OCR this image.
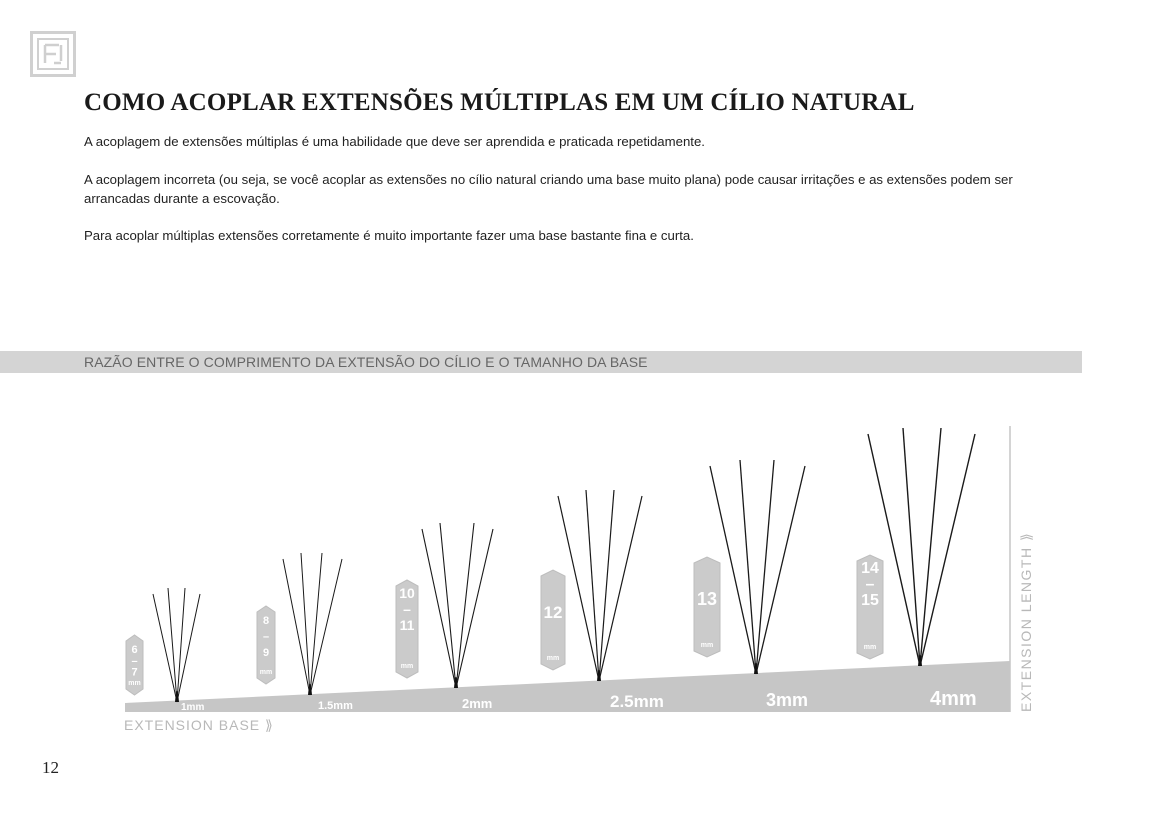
COMO ACOPLAR EXTENSÕES MÚLTIPLAS EM UM CÍLIO NATURAL

A acoplagem de extensões múltiplas é uma habilidade que deve ser aprendida e praticada repetidamente.

A acoplagem incorreta (ou seja, se você acoplar as extensões no cílio natural criando uma base muito plana) pode causar irritações e as extensões podem ser arrancadas durante a escovação.

Para acoplar múltiplas extensões corretamente é muito importante fazer uma base bastante fina e curta.

RAZÃO ENTRE O COMPRIMENTO DA EXTENSÃO DO CÍLIO E O TAMANHO DA BASE
EXTENSION LENGTH ⟫
EXTENSION BASE ⟫
6
–
7
mm
1mm
8
–
9
mm
1.5mm
10
–
11
mm
2mm
12
mm
2.5mm
13
mm
3mm
14
–
15
mm
4mm
12
